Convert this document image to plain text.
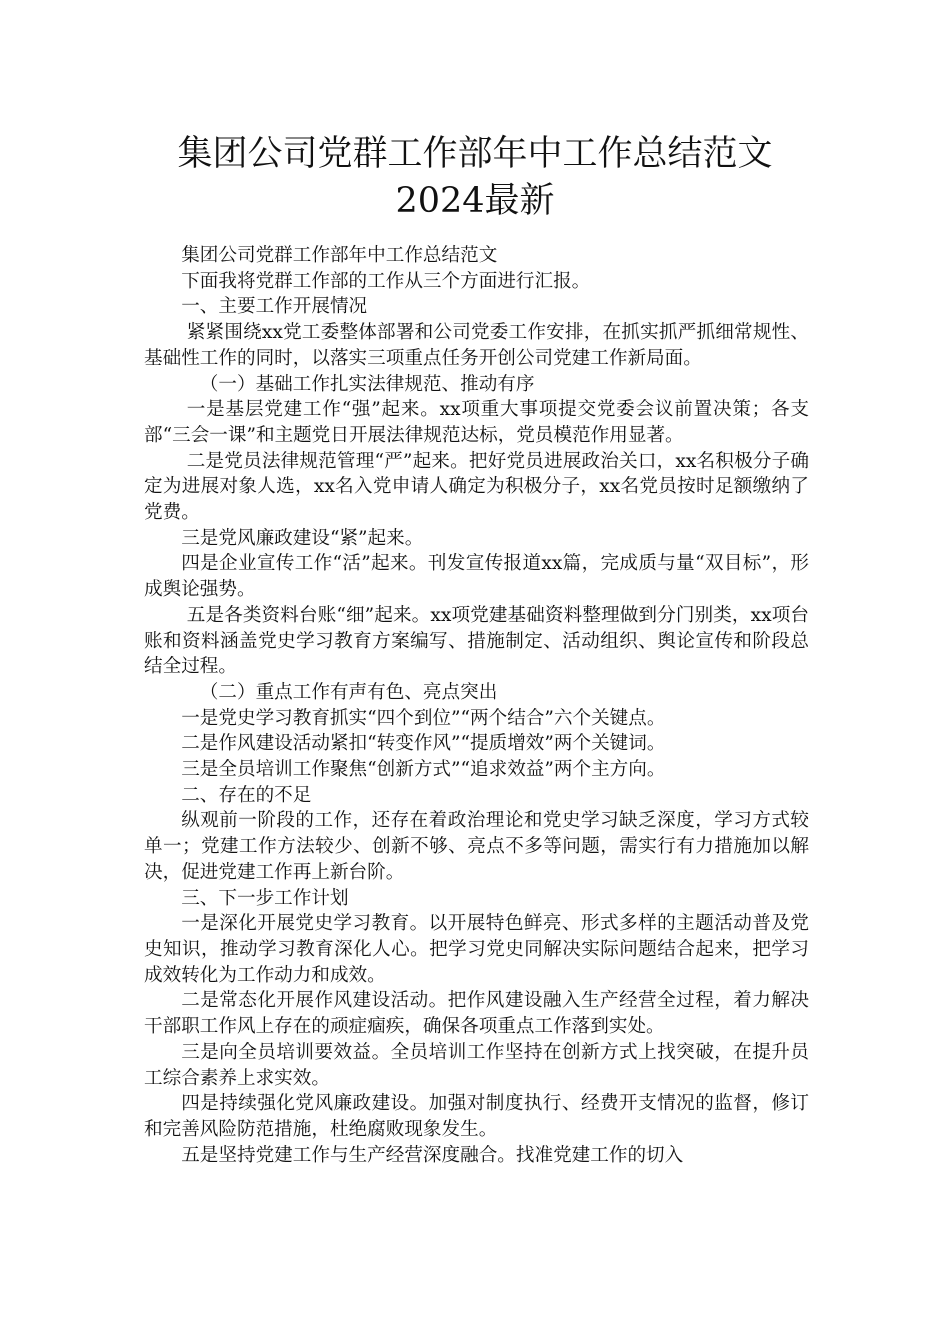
集团公司党群工作部年中工作总结范文
2024最新

集团公司党群工作部年中工作总结范文

下面我将党群工作部的工作从三个方面进行汇报。

一、主要工作开展情况

紧紧围绕xx党工委整体部署和公司党委工作安排，在抓实抓严抓细常规性、基础性工作的同时，以落实三项重点任务开创公司党建工作新局面。

（一）基础工作扎实法律规范、推动有序

一是基层党建工作“强”起来。xx项重大事项提交党委会议前置决策；各支部“三会一课”和主题党日开展法律规范达标，党员模范作用显著。

二是党员法律规范管理“严”起来。把好党员进展政治关口，xx名积极分子确定为进展对象人选，xx名入党申请人确定为积极分子，xx名党员按时足额缴纳了党费。

三是党风廉政建设“紧”起来。

四是企业宣传工作“活”起来。刊发宣传报道xx篇，完成质与量“双目标”，形成舆论强势。

五是各类资料台账“细”起来。xx项党建基础资料整理做到分门别类，xx项台账和资料涵盖党史学习教育方案编写、措施制定、活动组织、舆论宣传和阶段总结全过程。

（二）重点工作有声有色、亮点突出

一是党史学习教育抓实“四个到位”“两个结合”六个关键点。

二是作风建设活动紧扣“转变作风”“提质增效”两个关键词。

三是全员培训工作聚焦“创新方式”“追求效益”两个主方向。

二、存在的不足

纵观前一阶段的工作，还存在着政治理论和党史学习缺乏深度，学习方式较单一；党建工作方法较少、创新不够、亮点不多等问题，需实行有力措施加以解决，促进党建工作再上新台阶。

三、下一步工作计划

一是深化开展党史学习教育。以开展特色鲜亮、形式多样的主题活动普及党史知识，推动学习教育深化人心。把学习党史同解决实际问题结合起来，把学习成效转化为工作动力和成效。

二是常态化开展作风建设活动。把作风建设融入生产经营全过程，着力解决干部职工作风上存在的顽症痼疾，确保各项重点工作落到实处。

三是向全员培训要效益。全员培训工作坚持在创新方式上找突破，在提升员工综合素养上求实效。

四是持续强化党风廉政建设。加强对制度执行、经费开支情况的监督，修订和完善风险防范措施，杜绝腐败现象发生。

五是坚持党建工作与生产经营深度融合。找准党建工作的切入
